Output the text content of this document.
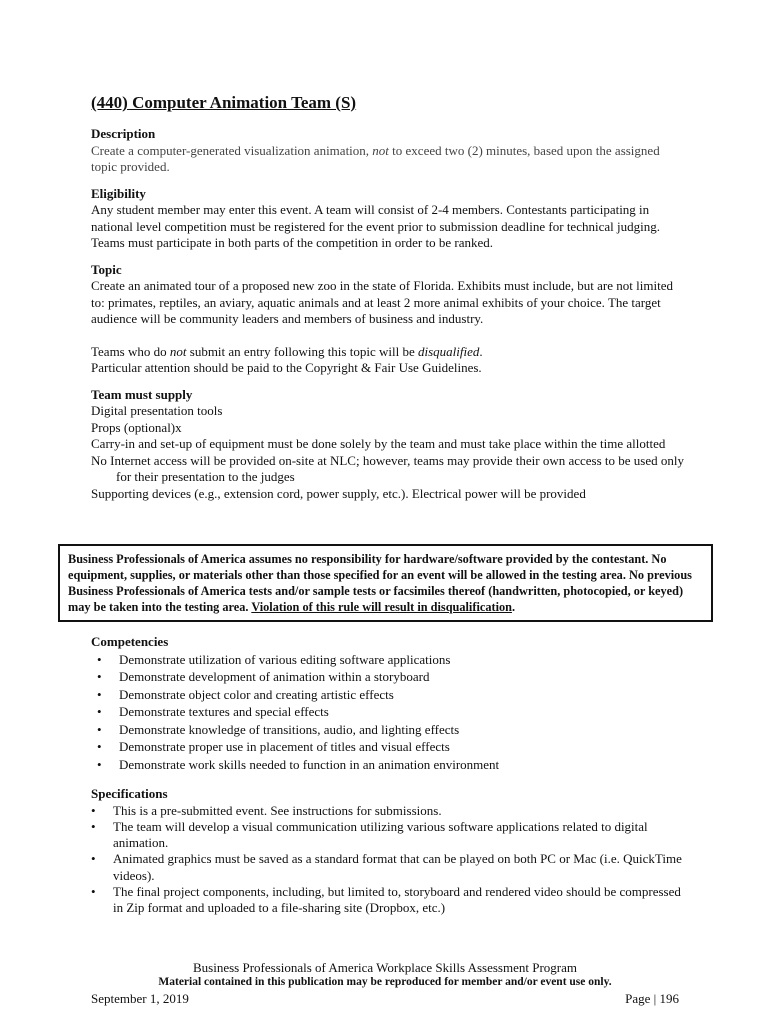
(440) Computer Animation Team (S)

Description

Create a computer-generated visualization animation, not to exceed two (2) minutes, based upon the assigned topic provided.

Eligibility

Any student member may enter this event. A team will consist of 2-4 members. Contestants participating in national level competition must be registered for the event prior to submission deadline for technical judging. Teams must participate in both parts of the competition in order to be ranked.

Topic

Create an animated tour of a proposed new zoo in the state of Florida. Exhibits must include, but are not limited to: primates, reptiles, an aviary, aquatic animals and at least 2 more animal exhibits of your choice. The target audience will be community leaders and members of business and industry.

Teams who do not submit an entry following this topic will be disqualified.

Particular attention should be paid to the Copyright & Fair Use Guidelines.

Team must supply

Digital presentation tools

Props (optional)x

Carry-in and set-up of equipment must be done solely by the team and must take place within the time allotted

No Internet access will be provided on-site at NLC; however, teams may provide their own access to be used only for their presentation to the judges

Supporting devices (e.g., extension cord, power supply, etc.). Electrical power will be provided

Business Professionals of America assumes no responsibility for hardware/software provided by the contestant. No equipment, supplies, or materials other than those specified for an event will be allowed in the testing area. No previous Business Professionals of America tests and/or sample tests or facsimiles thereof (handwritten, photocopied, or keyed) may be taken into the testing area. Violation of this rule will result in disqualification.

Competencies

• Demonstrate utilization of various editing software applications
• Demonstrate development of animation within a storyboard
• Demonstrate object color and creating artistic effects
• Demonstrate textures and special effects
• Demonstrate knowledge of transitions, audio, and lighting effects
• Demonstrate proper use in placement of titles and visual effects
• Demonstrate work skills needed to function in an animation environment

Specifications

• This is a pre-submitted event. See instructions for submissions.
• The team will develop a visual communication utilizing various software applications related to digital animation.
• Animated graphics must be saved as a standard format that can be played on both PC or Mac (i.e. QuickTime videos).
• The final project components, including, but limited to, storyboard and rendered video should be compressed in Zip format and uploaded to a file-sharing site (Dropbox, etc.)
Business Professionals of America Workplace Skills Assessment Program
Material contained in this publication may be reproduced for member and/or event use only.
September 1, 2019	Page | 196
